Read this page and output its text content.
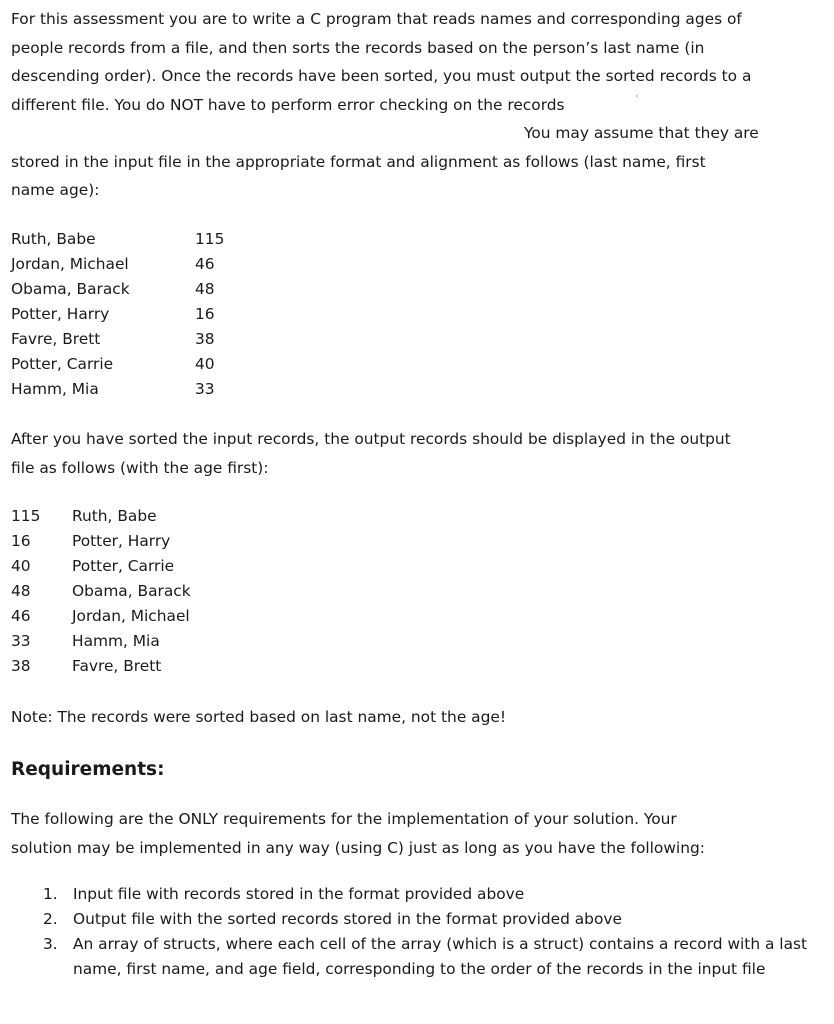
For this assessment you are to write a C program that reads names and corresponding ages of
people records from a file, and then sorts the records based on the person’s last name (in
descending order). Once the records have been sorted, you must output the sorted records to a
different file. You do NOT have to perform error checking on the records
You may assume that they are
stored in the input file in the appropriate format and alignment as follows (last name, first
name age):

Ruth, Babe	115
Jordan, Michael	46
Obama, Barack	48
Potter, Harry	16
Favre, Brett	38
Potter, Carrie	40
Hamm, Mia	33

After you have sorted the input records, the output records should be displayed in the output
file as follows (with the age first):

115 Ruth, Babe
16	Potter, Harry
40	Potter, Carrie
48	Obama, Barack
46	Jordan, Michael
33	Hamm, Mia
38	Favre, Brett

Note: The records were sorted based on last name, not the age!

Requirements:

The following are the ONLY requirements for the implementation of your solution. Your
solution may be implemented in any way (using C) just as long as you have the following:

1. Input file with records stored in the format provided above
2. Output file with the sorted records stored in the format provided above
3. An array of structs, where each cell of the array (which is a struct) contains a record with a last name, first name, and age field, corresponding to the order of the records in the input file
